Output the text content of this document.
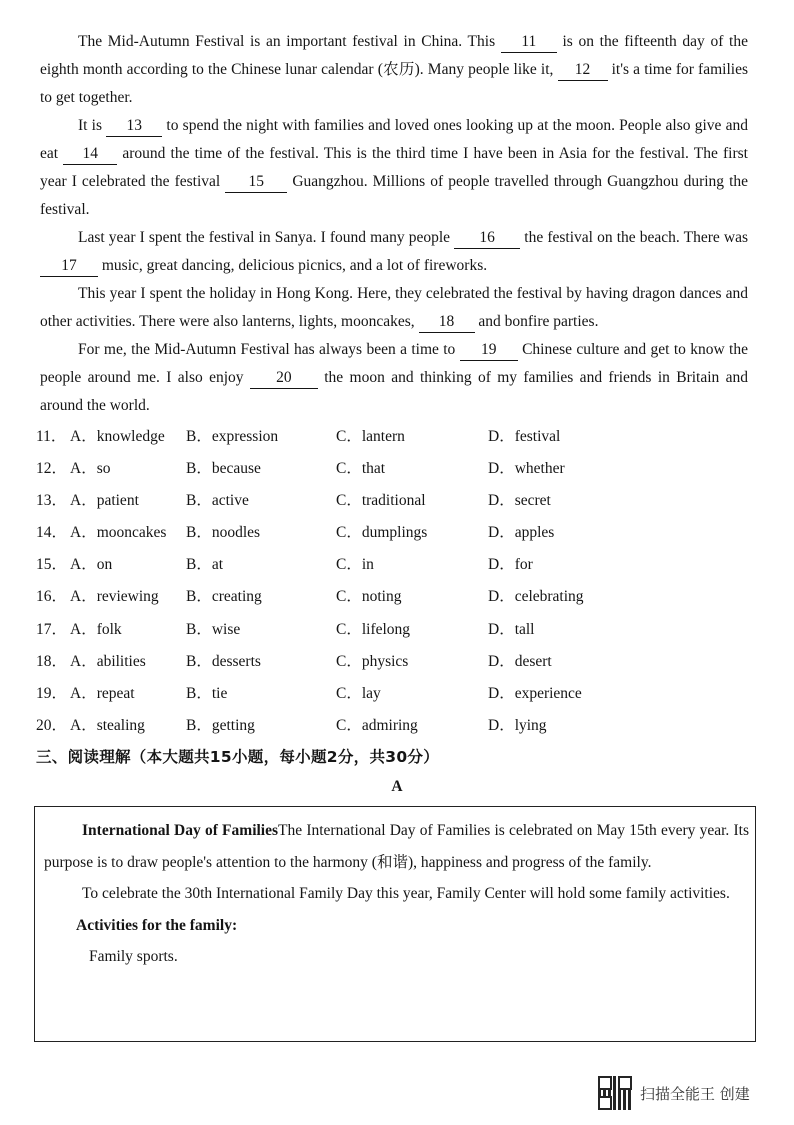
The Mid-Autumn Festival is an important festival in China. This 11 is on the fifteenth day of the eighth month according to the Chinese lunar calendar (农历). Many people like it, 12 it's a time for families to get together.

It is 13 to spend the night with families and loved ones looking up at the moon. People also give and eat 14 around the time of the festival. This is the third time I have been in Asia for the festival. The first year I celebrated the festival 15 Guangzhou. Millions of people travelled through Guangzhou during the festival.

Last year I spent the festival in Sanya. I found many people 16 the festival on the beach. There was 17 music, great dancing, delicious picnics, and a lot of fireworks.

This year I spent the holiday in Hong Kong. Here, they celebrated the festival by having dragon dances and other activities. There were also lanterns, lights, mooncakes, 18 and bonfire parties.

For me, the Mid-Autumn Festival has always been a time to 19 Chinese culture and get to know the people around me. I also enjoy 20 the moon and thinking of my families and friends in Britain and around the world.

11． A．knowledge B．expression	C．lantern	D．festival
12． A．so	B．because	C．that	D．whether
13． A．patient	B．active	C．traditional	D．secret
14． A．mooncakes B．noodles	C．dumplings	D．apples
15． A．on	B．at	C．in	D．for
16． A．reviewing B．creating	C．noting	D．celebrating
17． A．folk	B．wise	C．lifelong	D．tall
18． A．abilities	B．desserts	C．physics	D．desert
19． A．repeat	B．tie	C．lay	D．experience
20． A．stealing	B．getting	C．admiring	D．lying
三、阅读理解（本大题共15小题，每小题2分，共30分）
A

International Day of FamiliesThe International Day of Families is celebrated on May 15th every year. Its purpose is to draw people's attention to the harmony (和谐), happiness and progress of the family.

To celebrate the 30th International Family Day this year, Family Center will hold some family activities.

Activities for the family:
Family sports.
扫描全能王 创建
